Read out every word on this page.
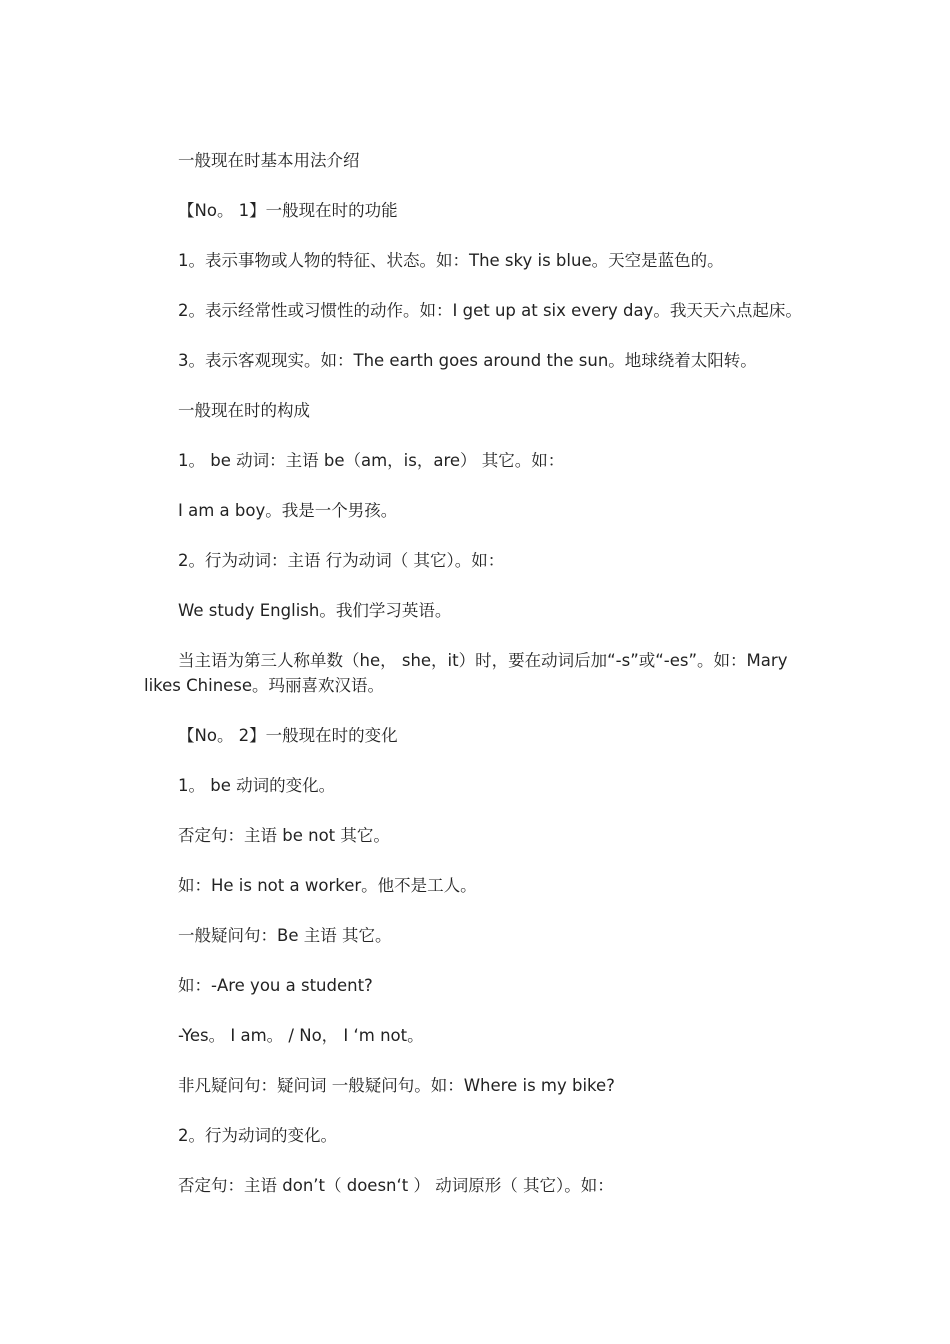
一般现在时基本用法介绍

【No。 1】一般现在时的功能

1。表示事物或人物的特征、状态。如：The sky is blue。天空是蓝色的。

2。表示经常性或习惯性的动作。如：I get up at six every day。我天天六点起床。

3。表示客观现实。如：The earth goes around the sun。地球绕着太阳转。

一般现在时的构成

1。 be 动词：主语 be（am，is，are） 其它。如：

I am a boy。我是一个男孩。

2。行为动词：主语 行为动词（ 其它）。如：

We study English。我们学习英语。

当主语为第三人称单数（he， she，it）时，要在动词后加“-s”或“-es”。如：Mary likes Chinese。玛丽喜欢汉语。

【No。 2】一般现在时的变化

1。 be 动词的变化。

否定句：主语 be not 其它。

如：He is not a worker。他不是工人。

一般疑问句：Be 主语 其它。

如：-Are you a student?

-Yes。 I am。 / No， I ‘m not。

非凡疑问句：疑问词 一般疑问句。如：Where is my bike?

2。行为动词的变化。

否定句：主语 don’t（ doesn‘t ） 动词原形（ 其它）。如：
